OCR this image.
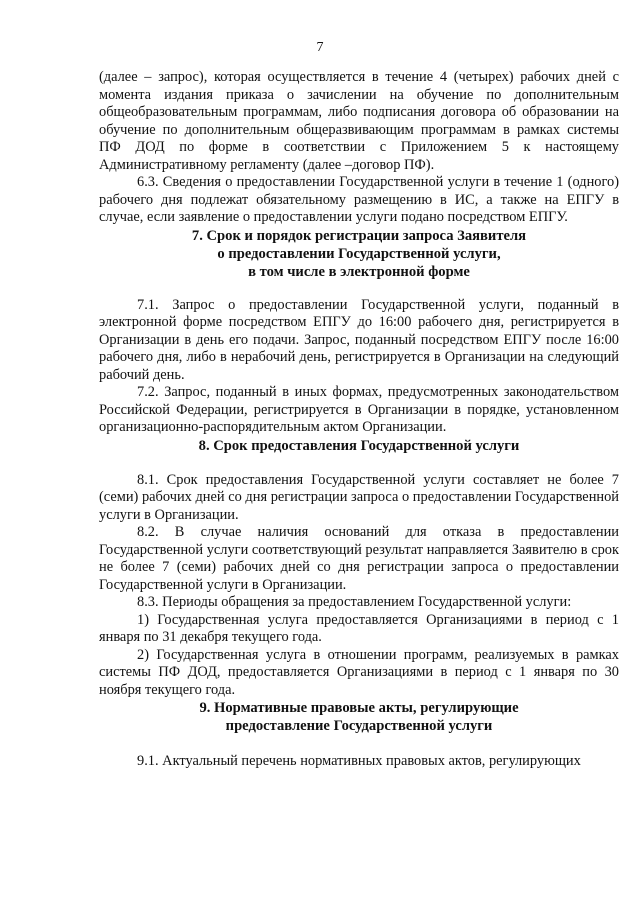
7

(далее – запрос), которая осуществляется в течение 4 (четырех) рабочих дней с момента издания приказа о зачислении на обучение по дополнительным общеобразовательным программам, либо подписания договора об образовании на обучение по дополнительным общеразвивающим программам в рамках системы ПФ ДОД по форме в соответствии с Приложением 5 к настоящему Административному регламенту (далее –договор ПФ).

6.3. Сведения о предоставлении Государственной услуги в течение 1 (одного) рабочего дня подлежат обязательному размещению в ИС, а также на ЕПГУ в случае, если заявление о предоставлении услуги подано посредством ЕПГУ.

7. Срок и порядок регистрации запроса Заявителя
о предоставлении Государственной услуги,
в том числе в электронной форме

7.1. Запрос о предоставлении Государственной услуги, поданный в электронной форме посредством ЕПГУ до 16:00 рабочего дня, регистрируется в Организации в день его подачи. Запрос, поданный посредством ЕПГУ после 16:00 рабочего дня, либо в нерабочий день, регистрируется в Организации на следующий рабочий день.

7.2. Запрос, поданный в иных формах, предусмотренных законодательством Российской Федерации, регистрируется в Организации в порядке, установленном организационно-распорядительным актом Организации.

8. Срок предоставления Государственной услуги

8.1. Срок предоставления Государственной услуги составляет не более 7 (семи) рабочих дней со дня регистрации запроса о предоставлении Государственной услуги в Организации.

8.2. В случае наличия оснований для отказа в предоставлении Государственной услуги соответствующий результат направляется Заявителю в срок не более 7 (семи) рабочих дней со дня регистрации запроса о предоставлении Государственной услуги в Организации.

8.3. Периоды обращения за предоставлением Государственной услуги:

1) Государственная услуга предоставляется Организациями в период с 1 января по 31 декабря текущего года.

2) Государственная услуга в отношении программ, реализуемых в рамках системы ПФ ДОД, предоставляется Организациями в период с 1 января по 30 ноября текущего года.

9. Нормативные правовые акты, регулирующие
предоставление Государственной услуги

9.1. Актуальный перечень нормативных правовых актов, регулирующих
